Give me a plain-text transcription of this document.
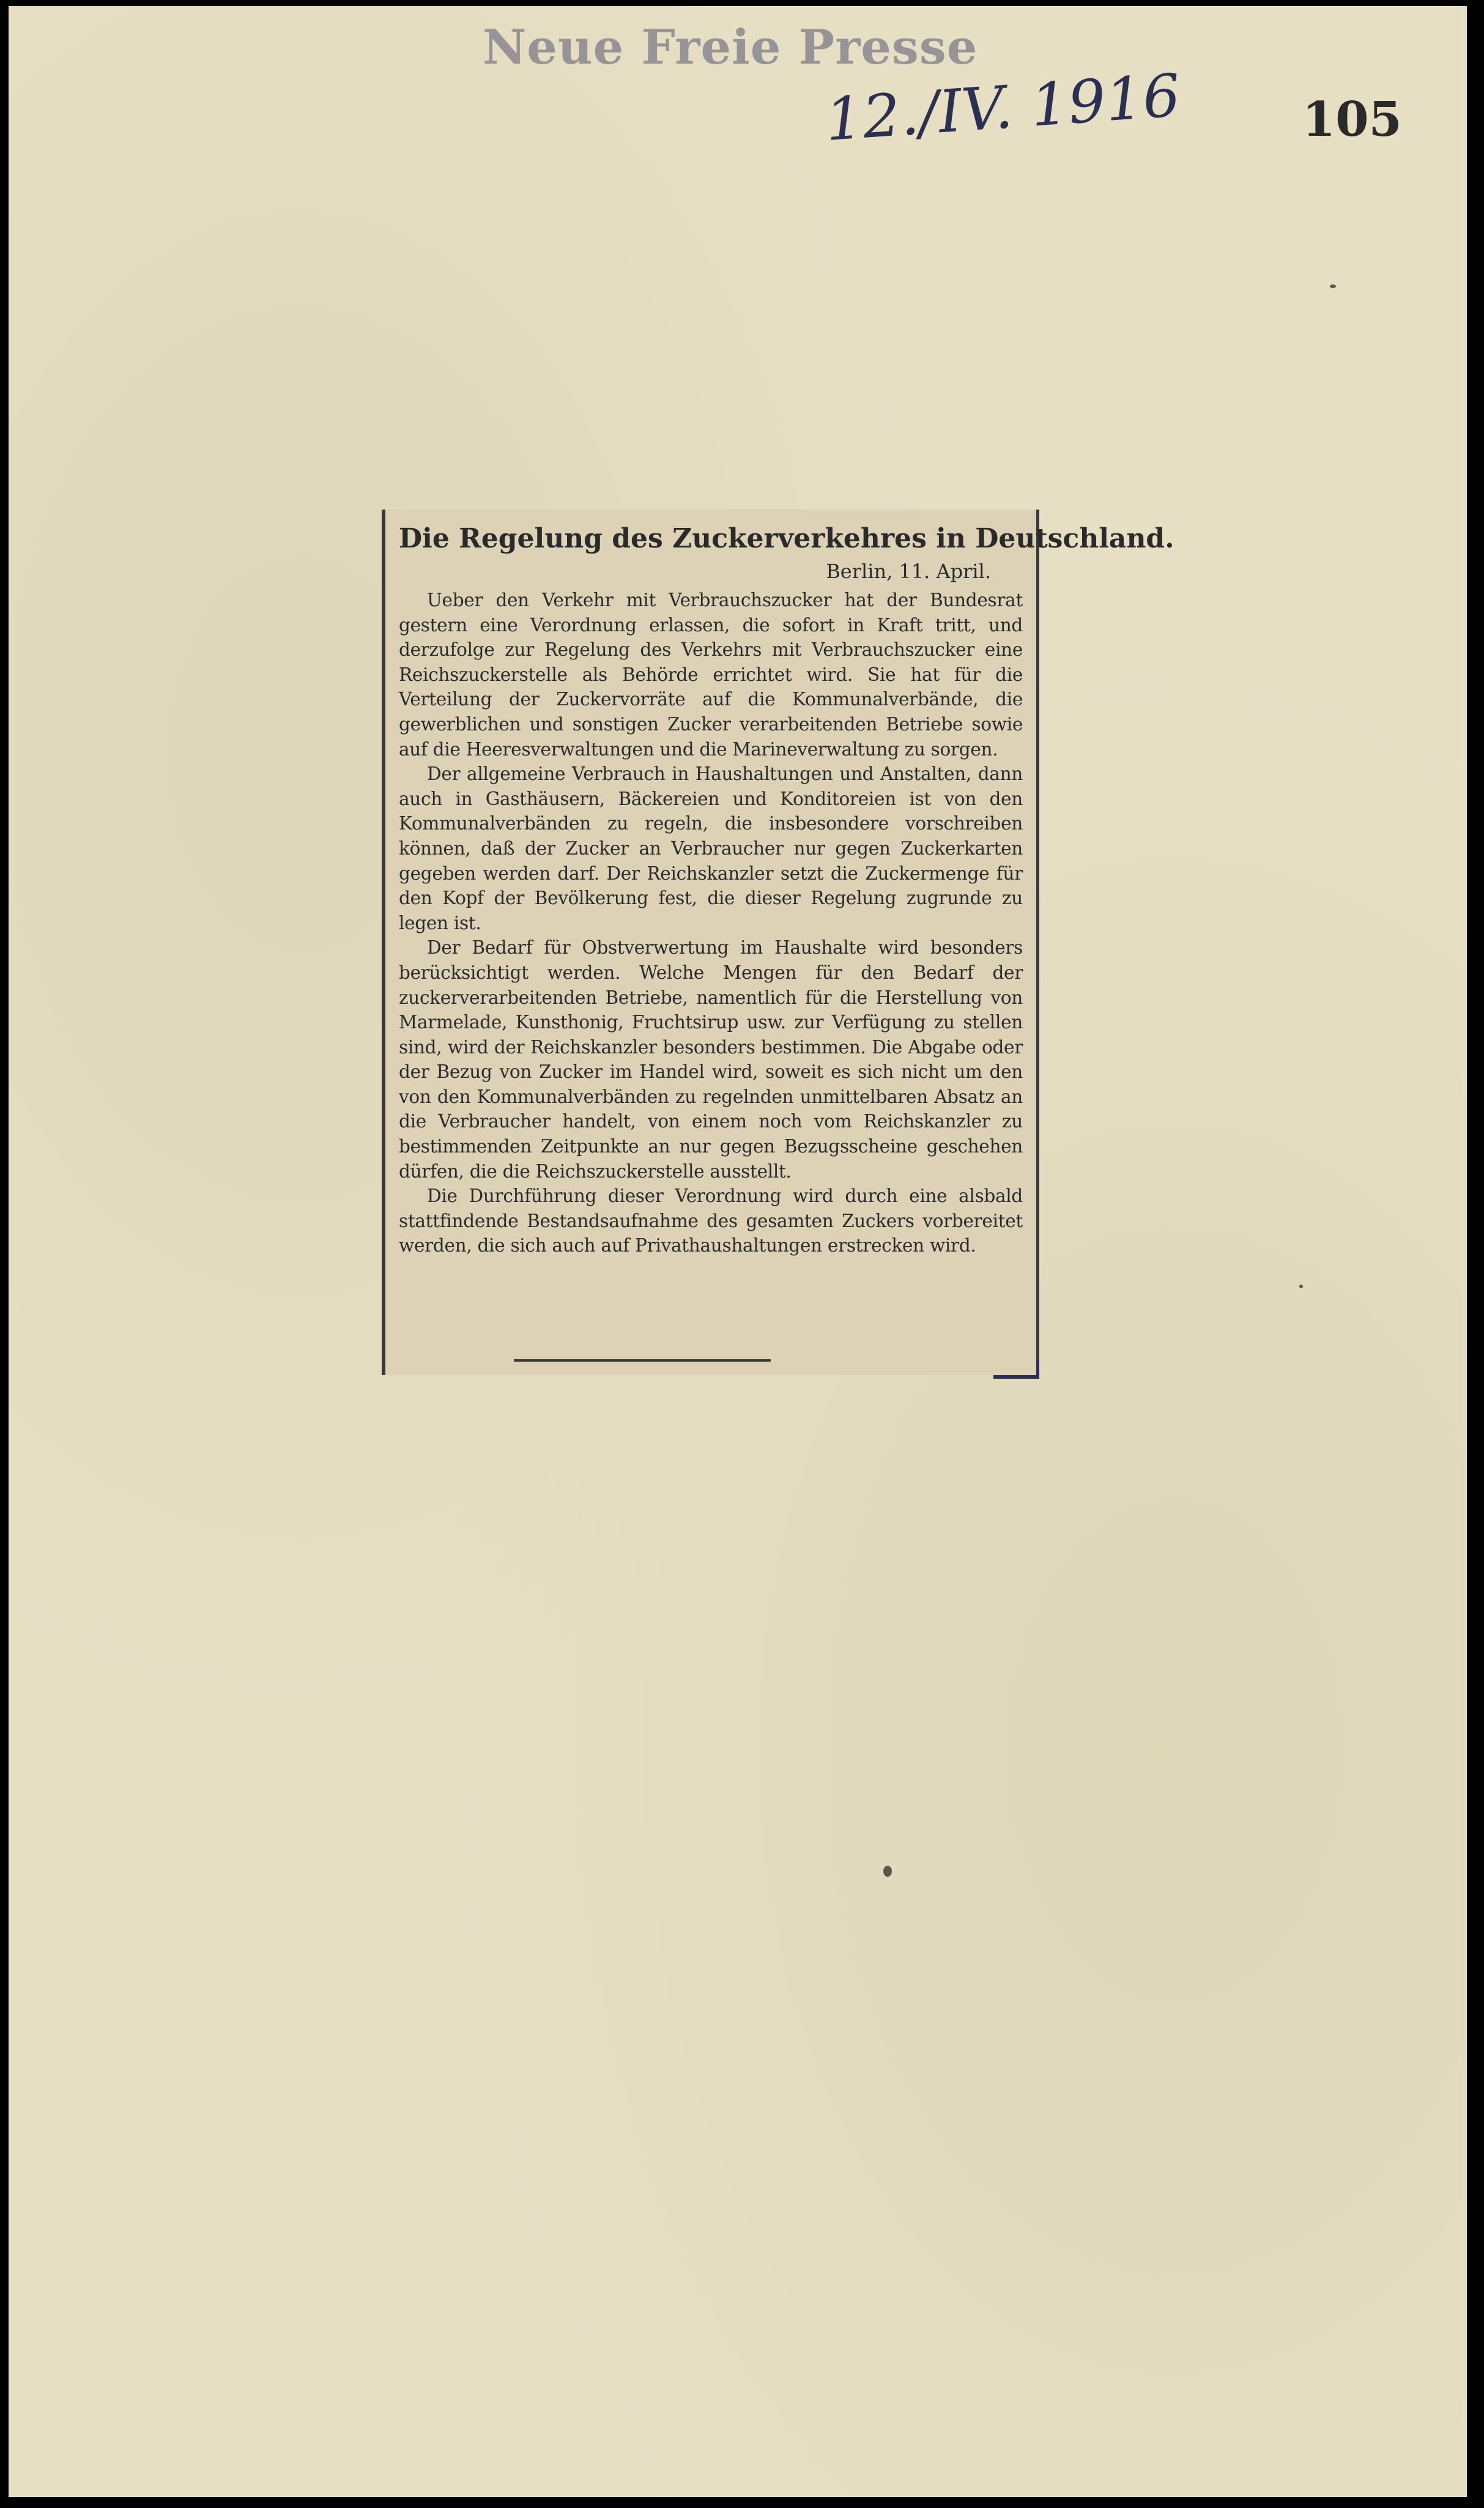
Neue Freie Presse
12./IV. 1916	105
Die Regelung des Zuckerverkehres in Deutschland.
Berlin, 11. April.

Ueber den Verkehr mit Verbrauchszucker hat der Bundesrat gestern eine Verordnung erlassen, die sofort in Kraft tritt, und derzufolge zur Regelung des Verkehrs mit Verbrauchszucker eine Reichszuckerstelle als Behörde errichtet wird. Sie hat für die Verteilung der Zuckervorräte auf die Kommunalverbände, die gewerblichen und sonstigen Zucker verarbeitenden Betriebe sowie auf die Heeresverwaltungen und die Marineverwaltung zu sorgen.

Der allgemeine Verbrauch in Haushaltungen und Anstalten, dann auch in Gasthäusern, Bäckereien und Konditoreien ist von den Kommunalverbänden zu regeln, die insbesondere vorschreiben können, daß der Zucker an Verbraucher nur gegen Zuckerkarten gegeben werden darf. Der Reichskanzler setzt die Zuckermenge für den Kopf der Bevölkerung fest, die dieser Regelung zugrunde zu legen ist.

Der Bedarf für Obstverwertung im Haushalte wird besonders berücksichtigt werden. Welche Mengen für den Bedarf der zuckerverarbeitenden Betriebe, namentlich für die Herstellung von Marmelade, Kunsthonig, Fruchtsirup usw. zur Verfügung zu stellen sind, wird der Reichskanzler besonders bestimmen. Die Abgabe oder der Bezug von Zucker im Handel wird, soweit es sich nicht um den von den Kommunalverbänden zu regelnden unmittelbaren Absatz an die Verbraucher handelt, von einem noch vom Reichskanzler zu bestimmenden Zeitpunkte an nur gegen Bezugsscheine geschehen dürfen, die die Reichszuckerstelle ausstellt.

Die Durchführung dieser Verordnung wird durch eine alsbald stattfindende Bestandsaufnahme des gesamten Zuckers vorbereitet werden, die sich auch auf Privathaushaltungen erstrecken wird.
